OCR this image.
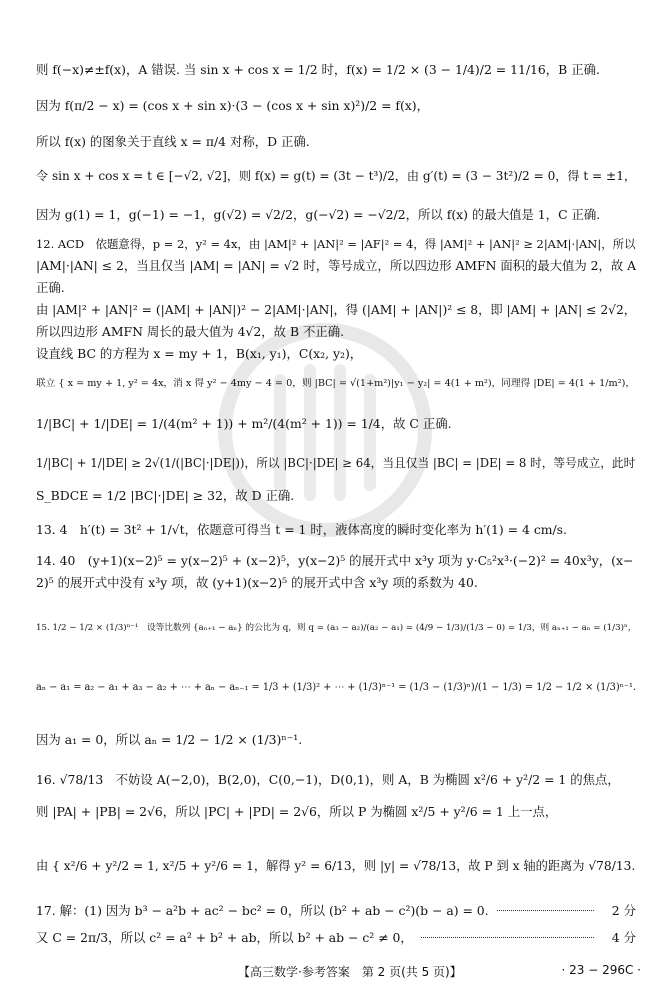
则 f(−x)≠±f(x)，A 错误. 当 sin x + cos x = 1/2 时，f(x) = 1/2 × (3 − 1/4)/2 = 11/16，B 正确.
因为 f(π/2 − x) = (cos x + sin x)·(3 − (cos x + sin x)²)/2 = f(x)，
所以 f(x) 的图象关于直线 x = π/4 对称，D 正确.
令 sin x + cos x = t ∈ [−√2, √2]，则 f(x) = g(t) = (3t − t³)/2，由 g′(t) = (3 − 3t²)/2 = 0，得 t = ±1，
因为 g(1) = 1，g(−1) = −1，g(√2) = √2/2，g(−√2) = −√2/2，所以 f(x) 的最大值是 1，C 正确.
12. ACD　依题意得，p = 2，y² = 4x，由 |AM|² + |AN|² = |AF|² = 4，得 |AM|² + |AN|² ≥ 2|AM|·|AN|，所以
|AM|·|AN| ≤ 2，当且仅当 |AM| = |AN| = √2 时，等号成立，所以四边形 AMFN 面积的最大值为 2，故 A
正确.
由 |AM|² + |AN|² = (|AM| + |AN|)² − 2|AM|·|AN|，得 (|AM| + |AN|)² ≤ 8，即 |AM| + |AN| ≤ 2√2，
所以四边形 AMFN 周长的最大值为 4√2，故 B 不正确.
设直线 BC 的方程为 x = my + 1，B(x₁, y₁)，C(x₂, y₂)，
联立 { x = my + 1, y² = 4x，消 x 得 y² − 4my − 4 = 0，则 |BC| = √(1+m²)|y₁ − y₂| = 4(1 + m²)，同理得 |DE| = 4(1 + 1/m²)，
1/|BC| + 1/|DE| = 1/(4(m² + 1)) + m²/(4(m² + 1)) = 1/4，故 C 正确.
1/|BC| + 1/|DE| ≥ 2√(1/(|BC|·|DE|))，所以 |BC|·|DE| ≥ 64，当且仅当 |BC| = |DE| = 8 时，等号成立，此时
S_BDCE = 1/2 |BC|·|DE| ≥ 32，故 D 正确.
13. 4　h′(t) = 3t² + 1/√t，依题意可得当 t = 1 时，液体高度的瞬时变化率为 h′(1) = 4 cm/s.
14. 40　(y+1)(x−2)⁵ = y(x−2)⁵ + (x−2)⁵，y(x−2)⁵ 的展开式中 x³y 项为 y·C₅²x³·(−2)² = 40x³y，(x−
2)⁵ 的展开式中没有 x³y 项，故 (y+1)(x−2)⁵ 的展开式中含 x³y 项的系数为 40.
15. 1/2 − 1/2 × (1/3)ⁿ⁻¹　设等比数列 {aₙ₊₁ − aₙ} 的公比为 q，则 q = (a₃ − a₂)/(a₂ − a₁) = (4/9 − 1/3)/(1/3 − 0) = 1/3，则 aₙ₊₁ − aₙ = (1/3)ⁿ，
aₙ − a₁ = a₂ − a₁ + a₃ − a₂ + ⋯ + aₙ − aₙ₋₁ = 1/3 + (1/3)² + ⋯ + (1/3)ⁿ⁻¹ = (1/3 − (1/3)ⁿ)/(1 − 1/3) = 1/2 − 1/2 × (1/3)ⁿ⁻¹.
因为 a₁ = 0，所以 aₙ = 1/2 − 1/2 × (1/3)ⁿ⁻¹.
16. √78/13　不妨设 A(−2,0)，B(2,0)，C(0,−1)，D(0,1)，则 A，B 为椭圆 x²/6 + y²/2 = 1 的焦点，
则 |PA| + |PB| = 2√6，所以 |PC| + |PD| = 2√6，所以 P 为椭圆 x²/5 + y²/6 = 1 上一点，
由 { x²/6 + y²/2 = 1, x²/5 + y²/6 = 1，解得 y² = 6/13，则 |y| = √78/13，故 P 到 x 轴的距离为 √78/13.
17. 解：(1) 因为 b³ − a²b + ac² − bc² = 0，所以 (b² + ab − c²)(b − a) = 0.	2 分
又 C = 2π/3，所以 c² = a² + b² + ab，所以 b² + ab − c² ≠ 0，	4 分
【高三数学·参考答案　第 2 页(共 5 页)】	· 23 − 296C ·
